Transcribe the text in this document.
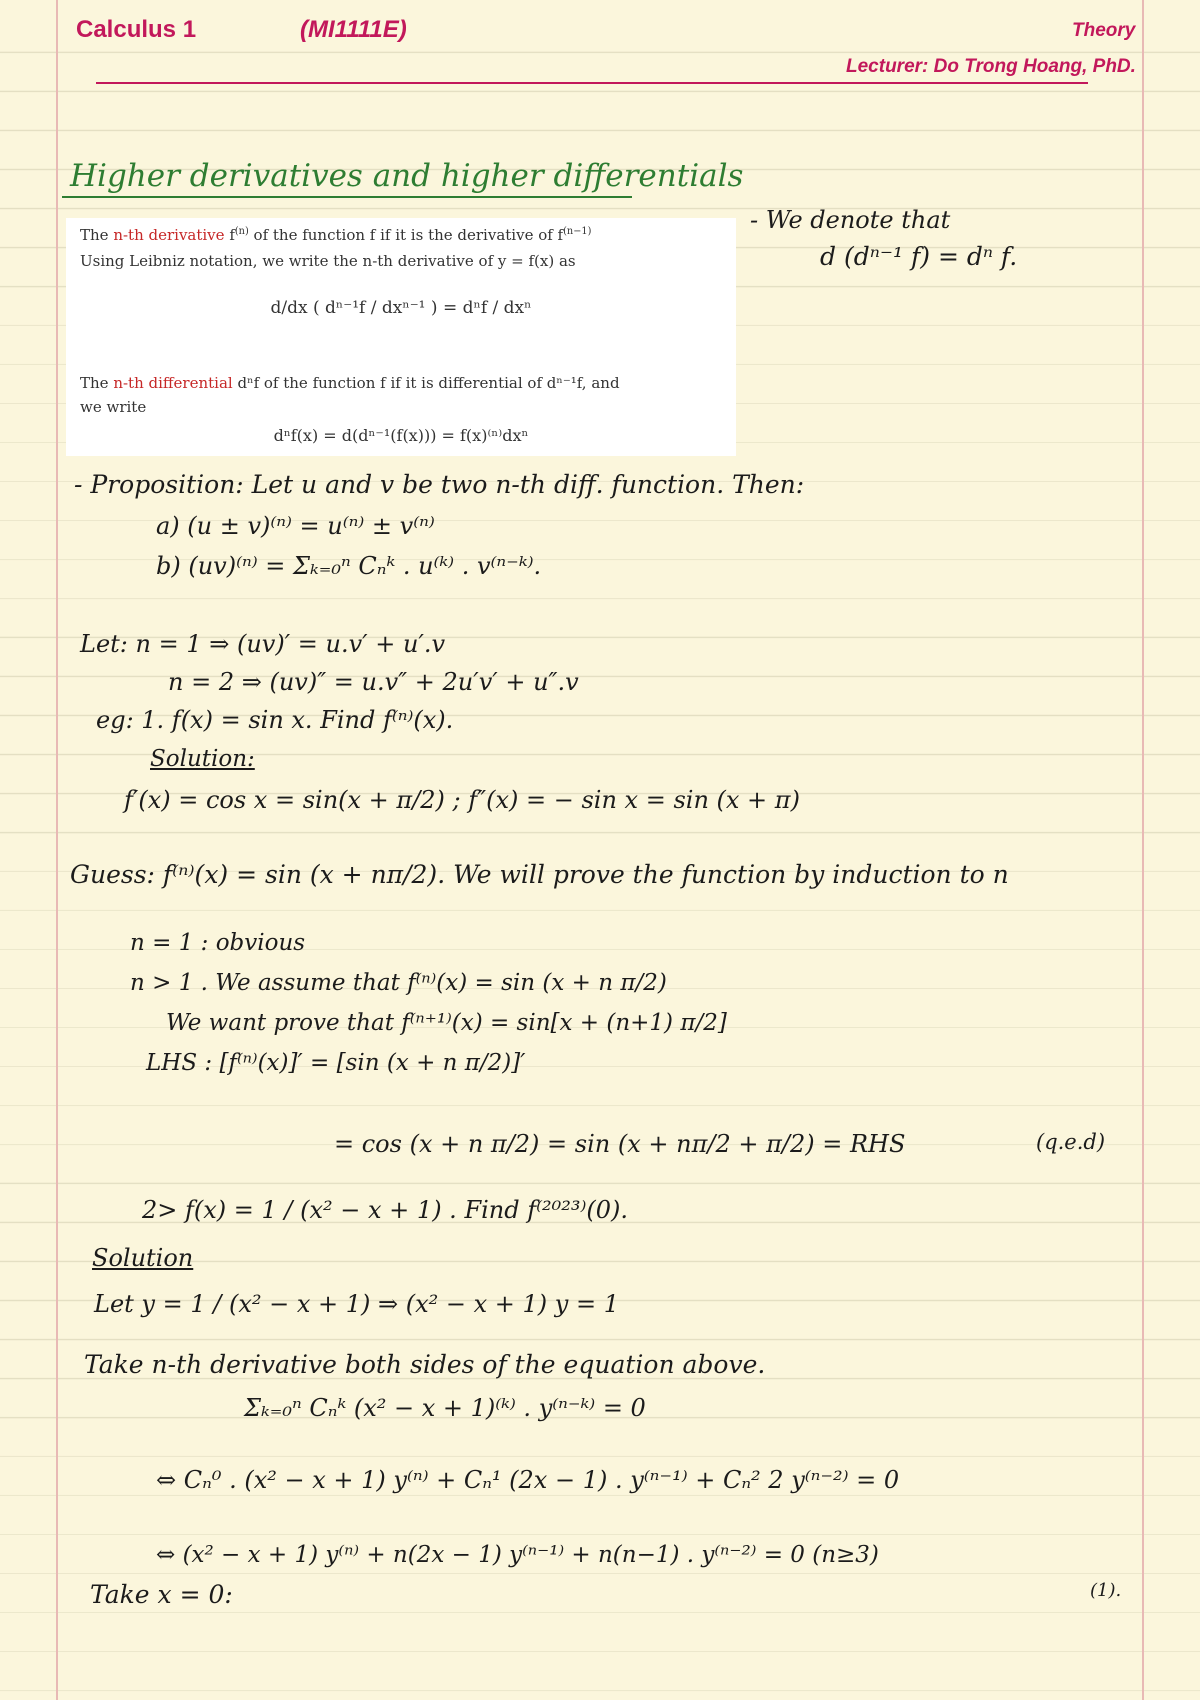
Calculus 1	(MI1111E)	Theory
Lecturer: Do Trong Hoang, PhD.
Higher derivatives and higher differentials
The n-th derivative $f^{(n)}$ of the function f if it is the derivative of $f^{(n-1)}$
Using Leibniz notation, we write the n-th derivative of y = f(x) as
d/dx ( dⁿ⁻¹f / dxⁿ⁻¹ ) = dⁿf / dxⁿ
The n-th differential dⁿf of the function f if it is differential of dⁿ⁻¹f, and
we write
dⁿf(x) = d(dⁿ⁻¹(f(x))) = f(x)⁽ⁿ⁾dxⁿ
- We denote that
d (dⁿ⁻¹ f) = dⁿ f.
- Proposition: Let u and v be two n-th diff. function. Then:
a) (u ± v)⁽ⁿ⁾ = u⁽ⁿ⁾ ± v⁽ⁿ⁾
b) (uv)⁽ⁿ⁾ = Σₖ₌₀ⁿ Cₙᵏ . u⁽ᵏ⁾ . v⁽ⁿ⁻ᵏ⁾.
Let: n = 1 ⇒ (uv)′ = u.v′ + u′.v
n = 2 ⇒ (uv)″ = u.v″ + 2u′v′ + u″.v
eg: 1. f(x) = sin x. Find f⁽ⁿ⁾(x).
Solution:
f′(x) = cos x = sin(x + π/2) ; f″(x) = − sin x = sin (x + π)
Guess: f⁽ⁿ⁾(x) = sin (x + nπ/2). We will prove the function by induction to n
n = 1 : obvious
n > 1 . We assume that f⁽ⁿ⁾(x) = sin (x + n π/2)
We want prove that f⁽ⁿ⁺¹⁾(x) = sin[x + (n+1) π/2]
LHS : [f⁽ⁿ⁾(x)]′ = [sin (x + n π/2)]′
= cos (x + n π/2) = sin (x + nπ/2 + π/2) = RHS	(q.e.d)
2> f(x) = 1 / (x² − x + 1) . Find f⁽²⁰²³⁾(0).
Solution
Let y = 1 / (x² − x + 1) ⇒ (x² − x + 1) y = 1
Take n-th derivative both sides of the equation above.
Σₖ₌₀ⁿ Cₙᵏ (x² − x + 1)⁽ᵏ⁾ . y⁽ⁿ⁻ᵏ⁾ = 0
⇔ Cₙ⁰ . (x² − x + 1) y⁽ⁿ⁾ + Cₙ¹ (2x − 1) . y⁽ⁿ⁻¹⁾ + Cₙ² 2 y⁽ⁿ⁻²⁾ = 0
⇔ (x² − x + 1) y⁽ⁿ⁾ + n(2x − 1) y⁽ⁿ⁻¹⁾ + n(n−1) . y⁽ⁿ⁻²⁾ = 0 (n≥3)
(1).
Take x = 0:
